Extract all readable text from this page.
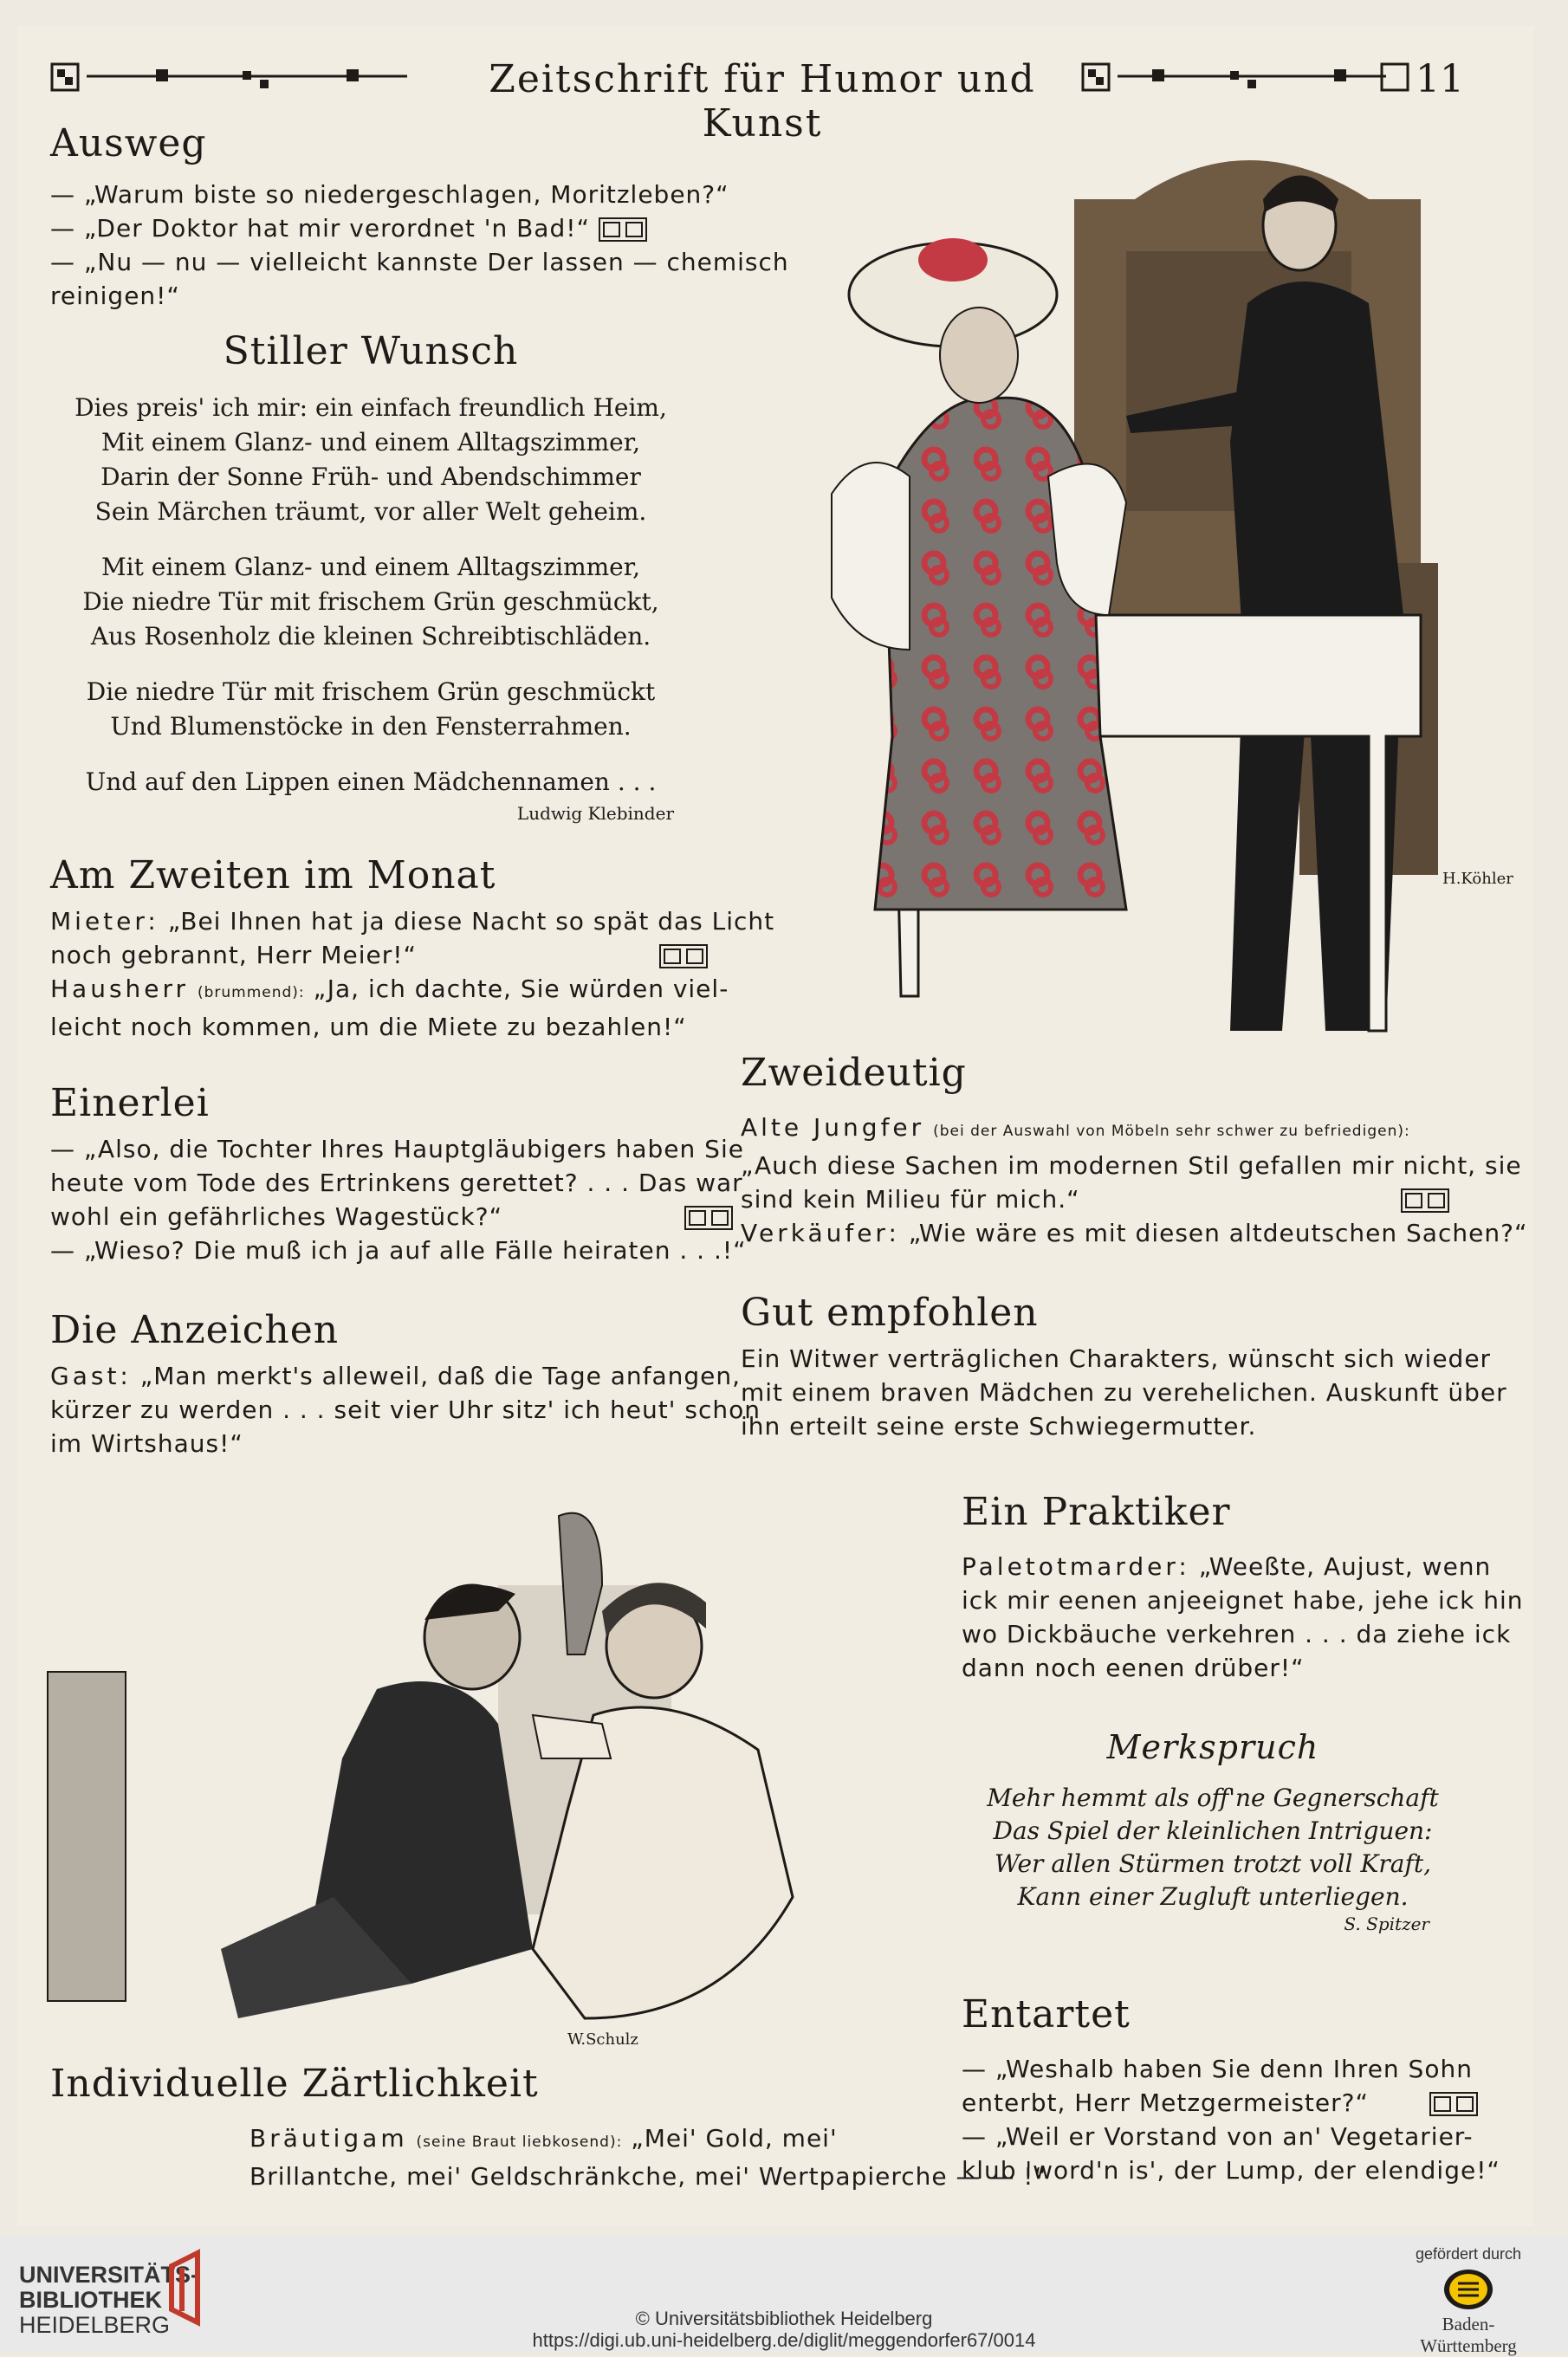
Zeitschrift für Humor und Kunst
11
Ausweg
— „Warum biste so niedergeschlagen, Moritzleben?“
— „Der Doktor hat mir verordnet 'n Bad!“
— „Nu — nu — vielleicht kannste Der lassen — chemisch
reinigen!“
Stiller Wunsch
Dies preis' ich mir: ein einfach freundlich Heim,
Mit einem Glanz- und einem Alltagszimmer,
Darin der Sonne Früh- und Abendschimmer
Sein Märchen träumt, vor aller Welt geheim.
Mit einem Glanz- und einem Alltagszimmer,
Die niedre Tür mit frischem Grün geschmückt,
Aus Rosenholz die kleinen Schreibtischläden.
Die niedre Tür mit frischem Grün geschmückt
Und Blumenstöcke in den Fensterrahmen.
Und auf den Lippen einen Mädchennamen . . .
Ludwig Klebinder
Am Zweiten im Monat
Mieter: „Bei Ihnen hat ja diese Nacht so spät das Licht
noch gebrannt, Herr Meier!“
Hausherr (brummend): „Ja, ich dachte, Sie würden viel-
leicht noch kommen, um die Miete zu bezahlen!“
Einerlei
— „Also, die Tochter Ihres Hauptgläubigers haben Sie
heute vom Tode des Ertrinkens gerettet? . . . Das war
wohl ein gefährliches Wagestück?“
— „Wieso? Die muß ich ja auf alle Fälle heiraten . . .!“
Die Anzeichen
Gast: „Man merkt's alleweil, daß die Tage anfangen,
kürzer zu werden . . . seit vier Uhr sitz' ich heut' schon
im Wirtshaus!“
H.Köhler
Zweideutig
Alte Jungfer (bei der Auswahl von Möbeln sehr schwer zu befriedigen):
„Auch diese Sachen im modernen Stil gefallen mir nicht, sie
sind kein Milieu für mich.“
Verkäufer: „Wie wäre es mit diesen altdeutschen Sachen?“
Gut empfohlen
Ein Witwer verträglichen Charakters, wünscht sich wieder
mit einem braven Mädchen zu verehelichen. Auskunft über
ihn erteilt seine erste Schwiegermutter.
Ein Praktiker
Paletotmarder: „Weeßte, Aujust, wenn
ick mir eenen anjeeignet habe, jehe ick hin
wo Dickbäuche verkehren . . . da ziehe ick
dann noch eenen drüber!“
Merkspruch
Mehr hemmt als off'ne Gegnerschaft
Das Spiel der kleinlichen Intriguen:
Wer allen Stürmen trotzt voll Kraft,
Kann einer Zugluft unterliegen.
S. Spitzer
Entartet
— „Weshalb haben Sie denn Ihren Sohn
enterbt, Herr Metzgermeister?“
— „Weil er Vorstand von an' Vegetarier-
klub 'word'n is', der Lump, der elendige!“
W.Schulz
Individuelle Zärtlichkeit
Bräutigam (seine Braut liebkosend): „Mei' Gold, mei'
Brillantche, mei' Geldschränkche, mei' Wertpapierche — — !“
UNIVERSITÄTS-
BIBLIOTHEK
HEIDELBERG	© Universitätsbibliothek Heidelberg
https://digi.ub.uni-heidelberg.de/diglit/meggendorfer67/0014
gefördert durch
Baden-Württemberg
